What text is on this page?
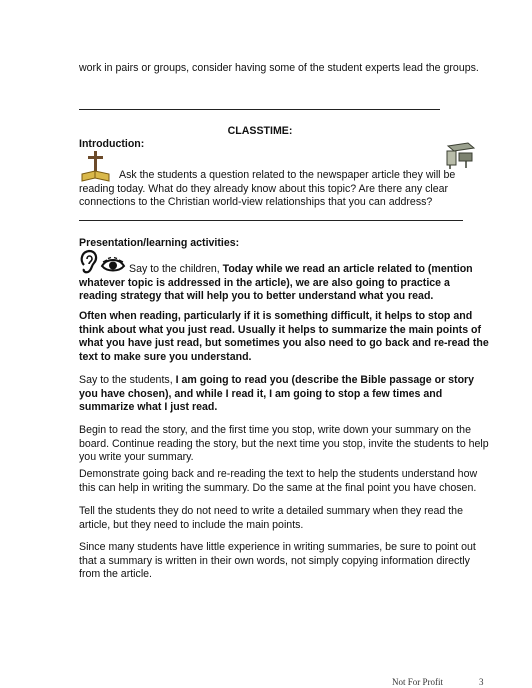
work in pairs or groups, consider having some of the student experts lead the groups.
CLASSTIME:
Introduction:
Ask the students a question related to the newspaper article they will be reading today. What do they already know about this topic? Are there any clear connections to the Christian world-view relationships that you can address?
Presentation/learning activities:
Say to the children, Today while we read an article related to (mention whatever topic is addressed in the article), we are also going to practice a reading strategy that will help you to better understand what you read.
Often when reading, particularly if it is something difficult, it helps to stop and think about what you just read. Usually it helps to summarize the main points of what you have just read, but sometimes you also need to go back and re-read the text to make sure you understand.
Say to the students, I am going to read you (describe the Bible passage or story you have chosen), and while I read it, I am going to stop a few times and summarize what I just read.
Begin to read the story, and the first time you stop, write down your summary on the board. Continue reading the story, but the next time you stop, invite the students to help you write your summary.
Demonstrate going back and re-reading the text to help the students understand how this can help in writing the summary. Do the same at the final point you have chosen.
Tell the students they do not need to write a detailed summary when they read the article, but they need to include the main points.
Since many students have little experience in writing summaries, be sure to point out that a summary is written in their own words, not simply copying information directly from the article.
Not For Profit	3
